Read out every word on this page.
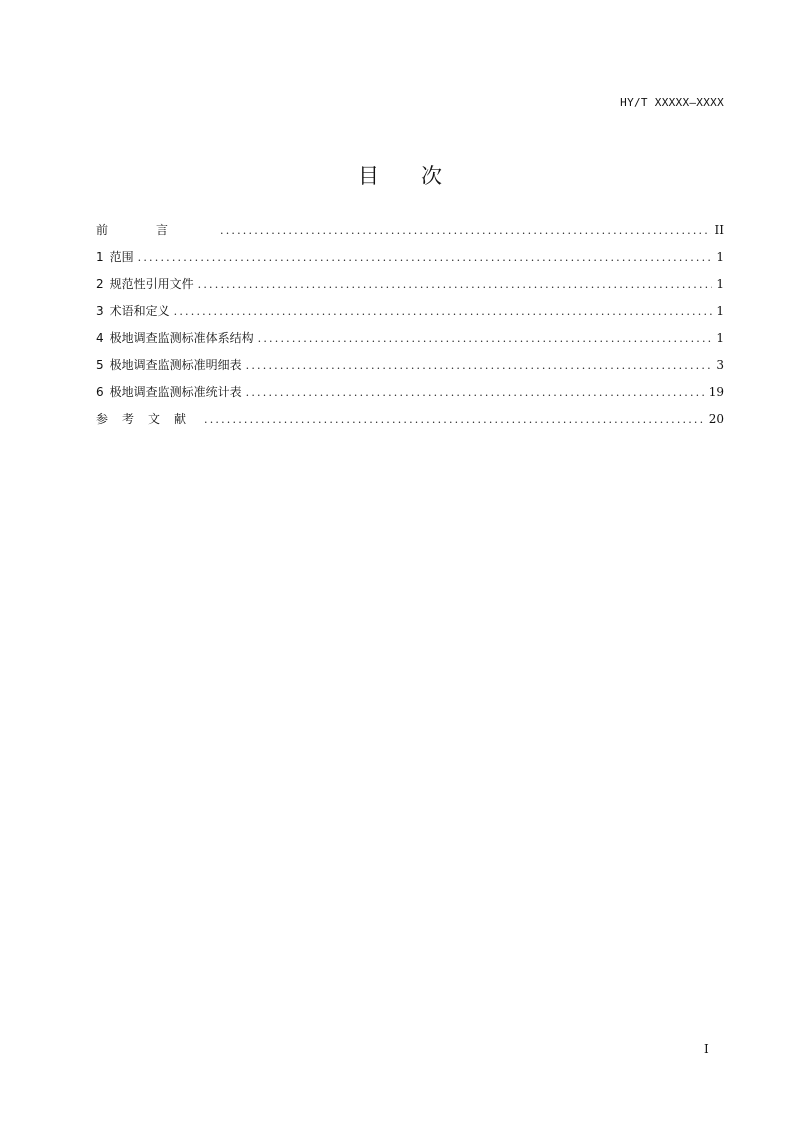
HY/T XXXXX—XXXX
目 次
前言 .....	II
1 范围 .....	1
2 规范性引用文件 .....	1
3 术语和定义 .....	1
4 极地调查监测标准体系结构 .....	1
5 极地调查监测标准明细表 .....	3
6 极地调查监测标准统计表 .....	19
参考文献 .....	20
I
